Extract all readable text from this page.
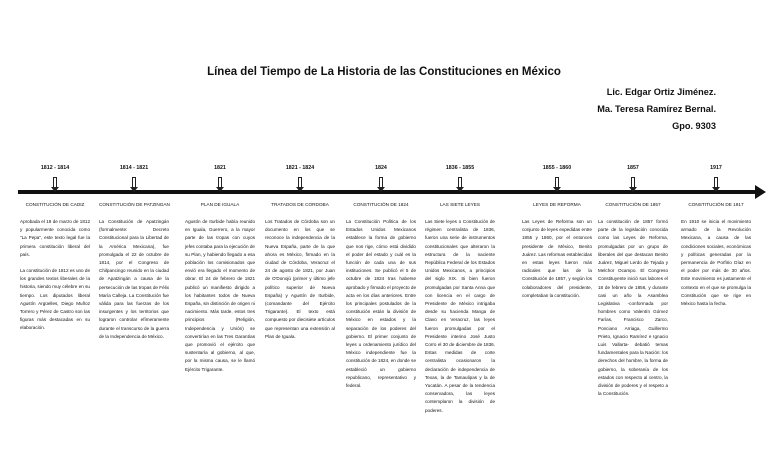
Línea del Tiempo de La Historia de las Constituciones en México
Lic. Edgar Ortiz Jiménez.
Ma. Teresa Ramírez Bernal.
Gpo. 9303
1812 - 1814
CONSTITUCIÓN DE CADIZ

Aprobada el 19 de marzo de 1812 y popularmente conocida como "La Pepa", este texto legal fue la primera constitución liberal del país.

La constitución de 1812 es uno de los grandes textos liberales de la historia, siendo muy célebre en su tiempo. Los diputados liberal Agustín Argüelles, Diego Muñoz Torrero y Pérez de Castro son las figuras más destacadas en su elaboración.

1814 - 1821
CONSTITUCIÓN DE PATZINGAN

La Constitución de Apatzingán (formalmente: Decreto Constitucional para la Libertad de la América Mexicana), fue promulgada el 22 de octubre de 1814, por el Congreso de Chilpancingo reunido en la ciudad de Apatzingán a causa de la persecución de las tropas de Félix María Calleja. La Constitución fue válida para las fuerzas de los insurgentes y los territorios que lograron controlar efímeramente durante el transcurso de la guerra de la Independencia de México.

1821
PLAN DE IGUALA

Agustín de Iturbide había reunido en Iguala, Guerrero, a la mayor parte de las tropas con cuyos jefes contaba para la ejecución de su Plan, y habiendo llegado a esa población los comisionados que envió era llegado el momento de obrar. El 24 de febrero de 1821 publicó un manifiesto dirigido a los habitantes todos de Nueva España, sin distinción de origen ni nacimiento. Más tarde, estos tres principios (Religión, Independencia y Unión) se convertirían en las Tres Garantías que promovió el ejército que sustentaría al gobierno, al que, por la misma causa, se le llamó Ejército Trigarante.

1821 - 1824
TRATADOS DE CORDOBA

Los Tratados de Córdoba son un documento en los que se reconoce la independencia de la Nueva España, parte de la que ahora es México, firmado en la ciudad de Córdoba, Veracruz el 24 de agosto de 1821, por Juan de O'Donojú (primer y último jefe político superior de Nueva España) y Agustín de Iturbide, (comandante del Ejército Trigarante). El texto está compuesto por diecisiete artículos que representan una extensión al Plan de Iguala.

1824
CONSTITUCIÓN DE 1824

La Constitución Política de los Estados Unidos Mexicanos establece la forma de gobierno que nos rige, cómo está dividido el poder del estado y cuál es la función de cada una de sus instituciones. Se publicó el 5 de octubre de 1824 tras haberse aprobado y firmado el proyecto de acta en los días anteriores. Entre los principales postulados de la constitución están la división de México en estados y la separación de los poderes del gobierno. El primer conjunto de leyes u ordenamiento jurídico del México independiente fue la constitución de 1824, en donde se estableció un gobierno republicano, representativo y federal.

1836 - 1855
LAS SIETE LEYES

Las Siete leyes o Constitución de régimen centralista de 1836, fueron una serie de instrumentos constitucionales que alteraron la estructura de la naciente República Federal de los Estados Unidos Mexicanos, a principios del siglo XIX. Si bien fueron promulgadas por Santa Anna que con licencia en el cargo de Presidente de México intrigaba desde su hacienda Manga de Clavo en Veracruz, las leyes fueron promulgadas por el Presidente interino José Justo Corro el 30 de diciembre de 1836. Estas medidas de corte centralista ocasionaron la declaración de independencia de Texas, la de Tamaulipas y la de Yucatán. A pesar de la tendencia conservadora, las leyes contemplaron la división de poderes.

1855 - 1860
LEYES DE REFORMA

Las Leyes de Reforma son un conjunto de leyes expedidas entre 1855 y 1860, por el entonces presidente de México, Benito Juárez. Las reformas establecidas en estas leyes fueron más radicales que las de la Constitución de 1857, y según los colaboradores del presidente, completaban la constitución.

1857
CONSTITUCIÓN DE 1857

La constitución de 1857 formó parte de la legislación conocida como las Leyes de Reforma, promulgadas por un grupo de liberales del que destacan Benito Juárez, Miguel Lerdo de Tejada y Melchor Ocampo. El Congreso Constituyente inició sus labores el 18 de febrero de 1856, y durante casi un año la Asamblea Legislativa -conformada por hombres como Valentín Gómez Farías, Francisco Zarco, Ponciano Arriaga, Guillermo Prieto, Ignacio Ramírez e Ignacio Luis Vallarta- debatió temas fundamentales para la Nación: los derechos del hombre, la forma de gobierno, la soberanía de los estados con respecto al centro, la división de poderes y el respeto a la Constitución.

1917
CONSTITUCIÓN DE 1917

En 1910 se inicia el movimiento armado de la Revolución Mexicana, a causa de las condiciones sociales, económicas y políticas generadas por la permanencia de Porfirio Díaz en el poder por más de 30 años. Este movimiento es justamente el contexto en el que se promulga la Constitución que se rige en México hasta la fecha.
